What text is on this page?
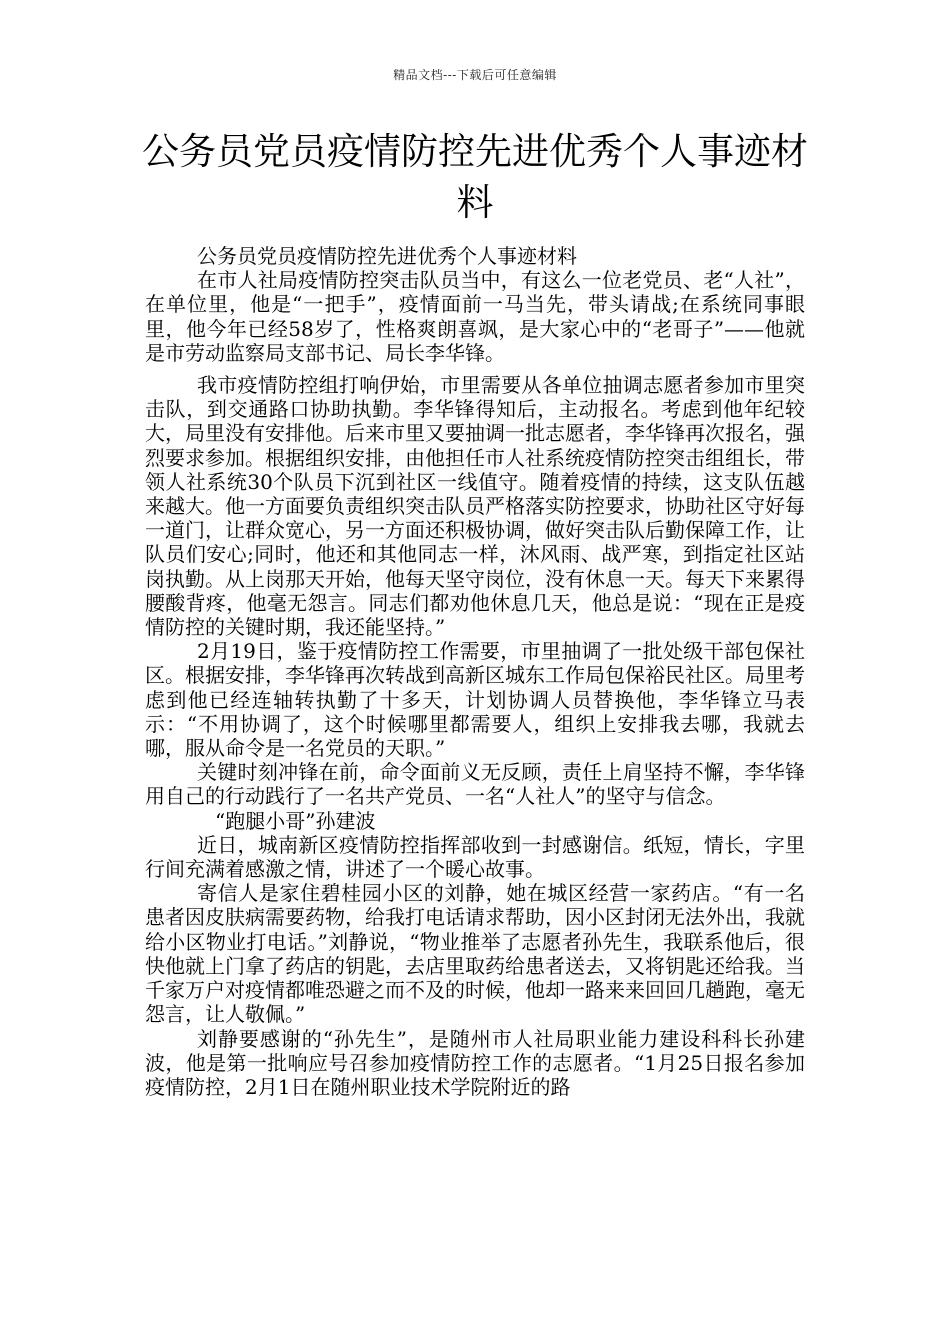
精品文档---下载后可任意编辑
公务员党员疫情防控先进优秀个人事迹材料

公务员党员疫情防控先进优秀个人事迹材料

在市人社局疫情防控突击队员当中，有这么一位老党员、老“人社”，在单位里，他是“一把手”，疫情面前一马当先，带头请战;在系统同事眼里，他今年已经58岁了，性格爽朗喜飒，是大家心中的“老哥子”——他就是市劳动监察局支部书记、局长李华锋。

我市疫情防控组打响伊始，市里需要从各单位抽调志愿者参加市里突击队，到交通路口协助执勤。李华锋得知后，主动报名。考虑到他年纪较大，局里没有安排他。后来市里又要抽调一批志愿者，李华锋再次报名，强烈要求参加。根据组织安排，由他担任市人社系统疫情防控突击组组长，带领人社系统30个队员下沉到社区一线值守。随着疫情的持续，这支队伍越来越大。他一方面要负责组织突击队员严格落实防控要求，协助社区守好每一道门，让群众宽心，另一方面还积极协调，做好突击队后勤保障工作，让队员们安心;同时，他还和其他同志一样，沐风雨、战严寒，到指定社区站岗执勤。从上岗那天开始，他每天坚守岗位，没有休息一天。每天下来累得腰酸背疼，他毫无怨言。同志们都劝他休息几天，他总是说：“现在正是疫情防控的关键时期，我还能坚持。”

2月19日，鉴于疫情防控工作需要，市里抽调了一批处级干部包保社区。根据安排，李华锋再次转战到高新区城东工作局包保裕民社区。局里考虑到他已经连轴转执勤了十多天，计划协调人员替换他，李华锋立马表示：“不用协调了，这个时候哪里都需要人，组织上安排我去哪，我就去哪，服从命令是一名党员的天职。”

关键时刻冲锋在前，命令面前义无反顾，责任上肩坚持不懈，李华锋用自己的行动践行了一名共产党员、一名“人社人”的坚守与信念。

“跑腿小哥”孙建波

近日，城南新区疫情防控指挥部收到一封感谢信。纸短，情长，字里行间充满着感激之情，讲述了一个暖心故事。

寄信人是家住碧桂园小区的刘静，她在城区经营一家药店。“有一名患者因皮肤病需要药物，给我打电话请求帮助，因小区封闭无法外出，我就给小区物业打电话。”刘静说，“物业推举了志愿者孙先生，我联系他后，很快他就上门拿了药店的钥匙，去店里取药给患者送去，又将钥匙还给我。当千家万户对疫情都唯恐避之而不及的时候，他却一路来来回回几趟跑，毫无怨言，让人敬佩。”

刘静要感谢的“孙先生”，是随州市人社局职业能力建设科科长孙建波，他是第一批响应号召参加疫情防控工作的志愿者。“1月25日报名参加疫情防控，2月1日在随州职业技术学院附近的路
